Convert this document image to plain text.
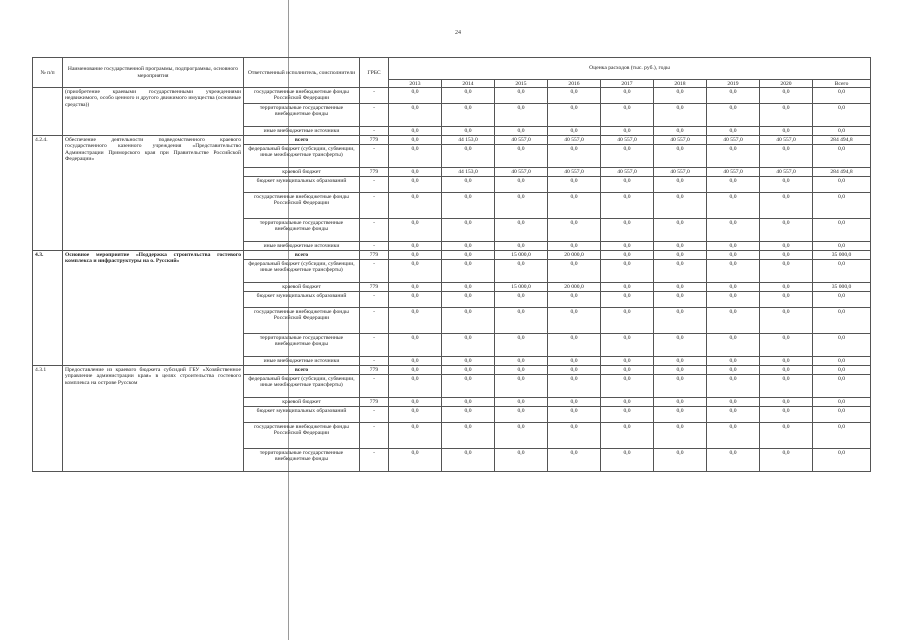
24
№ п/п	Наименование государственной программы, подпрограммы, основного мероприятия	Ответственный исполнитель, соисполнители	ГРБС	Оценка расходов (тыс. руб.), годы								
				2013	2014	2015	2016	2017	2018	2019	2020	Всего
	(приобретение краевыми государственными учреждениями недвижимого, особо ценного и другого движимого имущества (основные средства))	государственные внебюджетные фонды Российской Федерации	-	0,0	0,0	0,0	0,0	0,0	0,0	0,0	0,0	0,0
		территориальные государственные внебюджетные фонды	-	0,0	0,0	0,0	0,0	0,0	0,0	0,0	0,0	0,0
		иные внебюджетные источники	-	0,0	0,0	0,0	0,0	0,0	0,0	0,0	0,0	0,0
4.2.4.	Обеспечение деятельности подведомственного краевого государственного казенного учреждения «Представительство Администрации Приморского края при Правительстве Российской Федерации»	всего	779	0,0	44 153,0	40 557,0	40 557,0	40 557,0	40 557,0	40 557,0	40 557,0	284 494,8
		федеральный бюджет (субсидии, субвенции, иные межбюджетные трансферты)	-	0,0	0,0	0,0	0,0	0,0	0,0	0,0	0,0	0,0
		краевой бюджет	779	0,0	44 153,0	40 557,0	40 557,0	40 557,0	40 557,0	40 557,0	40 557,0	284 494,8
		бюджет муниципальных образований	-	0,0	0,0	0,0	0,0	0,0	0,0	0,0	0,0	0,0
		государственные внебюджетные фонды Российской Федерации	-	0,0	0,0	0,0	0,0	0,0	0,0	0,0	0,0	0,0
		территориальные государственные внебюджетные фонды	-	0,0	0,0	0,0	0,0	0,0	0,0	0,0	0,0	0,0
		иные внебюджетные источники	-	0,0	0,0	0,0	0,0	0,0	0,0	0,0	0,0	0,0
4.3.	Основное мероприятие «Поддержка строительства гостевого комплекса и инфраструктуры на о. Русский»	всего	779	0,0	0,0	15 000,0	20 000,0	0,0	0,0	0,0	0,0	35 000,0
		федеральный бюджет (субсидии, субвенции, иные межбюджетные трансферты)	-	0,0	0,0	0,0	0,0	0,0	0,0	0,0	0,0	0,0
		краевой бюджет	779	0,0	0,0	15 000,0	20 000,0	0,0	0,0	0,0	0,0	35 000,0
		бюджет муниципальных образований	-	0,0	0,0	0,0	0,0	0,0	0,0	0,0	0,0	0,0
		государственные внебюджетные фонды Российской Федерации	-	0,0	0,0	0,0	0,0	0,0	0,0	0,0	0,0	0,0
		территориальные государственные внебюджетные фонды	-	0,0	0,0	0,0	0,0	0,0	0,0	0,0	0,0	0,0
		иные внебюджетные источники	-	0,0	0,0	0,0	0,0	0,0	0,0	0,0	0,0	0,0
4.3.1	Предоставление из краевого бюджета субсидий ГБУ «Хозяйственное управление администрации края» в целях строительства гостевого комплекса на острове Русском	всего	779	0,0	0,0	0,0	0,0	0,0	0,0	0,0	0,0	0,0
		федеральный бюджет (субсидии, субвенции, иные межбюджетные трансферты)	-	0,0	0,0	0,0	0,0	0,0	0,0	0,0	0,0	0,0
		краевой бюджет	779	0,0	0,0	0,0	0,0	0,0	0,0	0,0	0,0	0,0
		бюджет муниципальных образований	-	0,0	0,0	0,0	0,0	0,0	0,0	0,0	0,0	0,0
		государственные внебюджетные фонды Российской Федерации	-	0,0	0,0	0,0	0,0	0,0	0,0	0,0	0,0	0,0
		территориальные государственные внебюджетные фонды	-	0,0	0,0	0,0	0,0	0,0	0,0	0,0	0,0	0,0
